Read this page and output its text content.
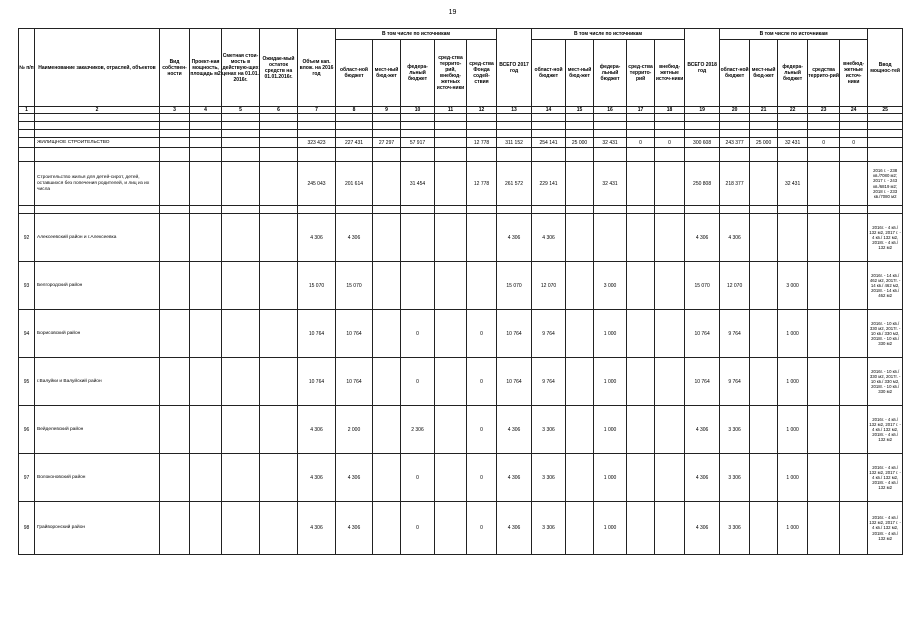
19
№ п/п	Наименование заказчиков, отраслей, объектов	Вид собствен-ности	Проект-ная мощность, площадь м2	Сметная стои-мость в действую-щих ценах на 01.01. 2016г.	Ожидае-мый остаток средств на 01.01.2016г.	Объем кап. влож. на 2016 год	В том числе по источникам					ВСЕГО 2017 год	В том числе по источникам					ВСЕГО 2018 год	В том числе по источникам					Ввод мощнос-тей
							област-ной бюджет	мест-ный бюд-жет	федера-льный бюджет	сред-ства террито-рий, внебюд-жетных источ-ники	сред-ства Фонда содей-ствия		област-ной бюджет	мест-ный бюд-жет	федера-льный бюджет	сред-ства террито-рий	внебюд-жетные источ-ники		област-ной бюджет	мест-ный бюд-жет	федера-льный бюджет	средства террито-рий	внебюд-жетные источ-ники	
1	2	3	4	5	6	7	8	9	10	11	12	13	14	15	16	17	18	19	20	21	22	23	24	25

	ЖИЛИЩНОЕ СТРОИТЕЛЬСТВО					323 423	227 431	27 297	57 917		12 778	311 152	254 141	25 000	32 431	0	0	300 608	243 377	25 000	32 431	0	0	

	Строительство жилья для детей-сирот, детей, оставшихся без попечения родителей, и лиц из их числа					245 043	201 614		31 454		12 778	261 572	229 141		32 431			250 808	218 377		32 431			2016 г. - 238 кв./7080 м2; 2017 г. - 243 кв./6819 м2; 2018 г. - 233 кв./7080 м2

92	Алексеевский район и г.Алексеевка					4 306	4 306					4 306	4 306					4 306	4 306					2016г. - 4 кв./ 132 м2, 2017 г. - 4 кв./ 132 м2, 2018г. - 4 кв./ 132 м2
93	Белгородский район					15 070	15 070					15 070	12 070		3 000			15 070	12 070		3 000			2016г. - 14 кв./ 462 м2, 2017г. - 14 кв./ 462 м2, 2018г. - 14 кв./ 462 м2
94	Борисовский район					10 764	10 764		0		0	10 764	9 764		1 000			10 764	9 764		1 000			2016г. - 10 кв./ 330 м2, 2017г. - 10 кв./ 330 м2, 2018г. - 10 кв./ 330 м2
95	г.Валуйки и Валуйский район					10 764	10 764		0		0	10 764	9 764		1 000			10 764	9 764		1 000			2016г. - 10 кв./ 330 м2, 2017г. - 10 кв./ 330 м2, 2018г. - 10 кв./ 330 м2
96	Вейделевский район					4 306	2 000		2 306		0	4 306	3 306		1 000			4 306	3 306		1 000			2016г. - 4 кв./ 132 м2, 2017 г. - 4 кв./ 132 м2, 2018г. - 4 кв./ 132 м2
97	Волоконовский район					4 306	4 306		0		0	4 306	3 306		1 000			4 306	3 306		1 000			2016г. - 4 кв./ 132 м2, 2017 г. - 4 кв./ 132 м2, 2018г. - 4 кв./ 132 м2
98	Грайворонский район					4 306	4 306		0		0	4 306	3 306		1 000			4 306	3 306		1 000			2016г. - 4 кв./ 132 м2, 2017 г. - 4 кв./ 132 м2, 2018г. - 4 кв./ 132 м2
